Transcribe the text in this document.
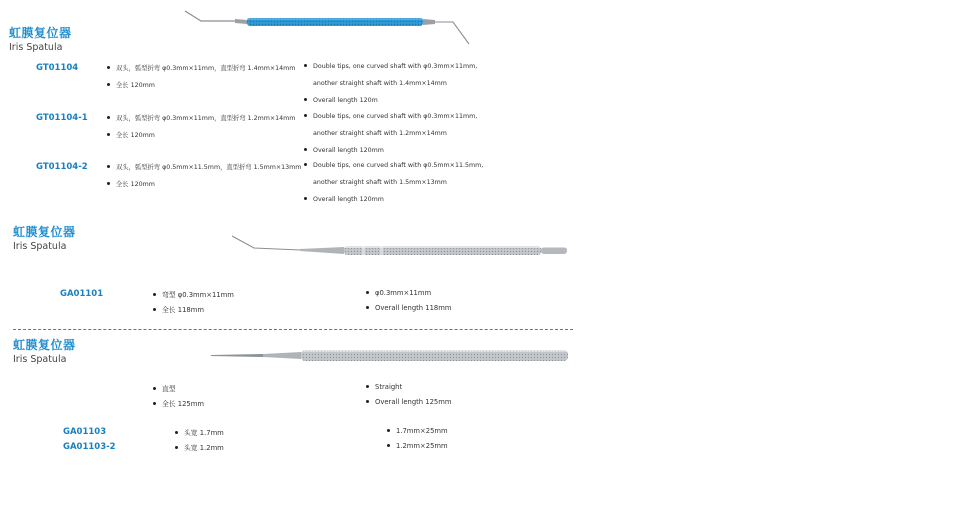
虹膜复位器
Iris Spatula
GT01104	双头，弧型折弯 φ0.3mm×11mm，直型折弯 1.4mm×14mm
全长 120mm
Double tips, one curved shaft with φ0.3mm×11mm,
another straight shaft with 1.4mm×14mm
Overall length 120m
GT01104-1	双头，弧型折弯 φ0.3mm×11mm，直型折弯 1.2mm×14mm
全长 120mm
Double tips, one curved shaft with φ0.3mm×11mm,
another straight shaft with 1.2mm×14mm
Overall length 120mm
GT01104-2	双头，弧型折弯 φ0.5mm×11.5mm，直型折弯 1.5mm×13mm
全长 120mm
Double tips, one curved shaft with φ0.5mm×11.5mm,
another straight shaft with 1.5mm×13mm
Overall length 120mm
虹膜复位器
Iris Spatula
GA01101	弯型 φ0.3mm×11mm
全长 118mm
φ0.3mm×11mm
Overall length 118mm
虹膜复位器
Iris Spatula
直型
全长 125mm
Straight
Overall length 125mm
GA01103	头宽 1.7mm	1.7mm×25mm
GA01103-2	头宽 1.2mm	1.2mm×25mm
